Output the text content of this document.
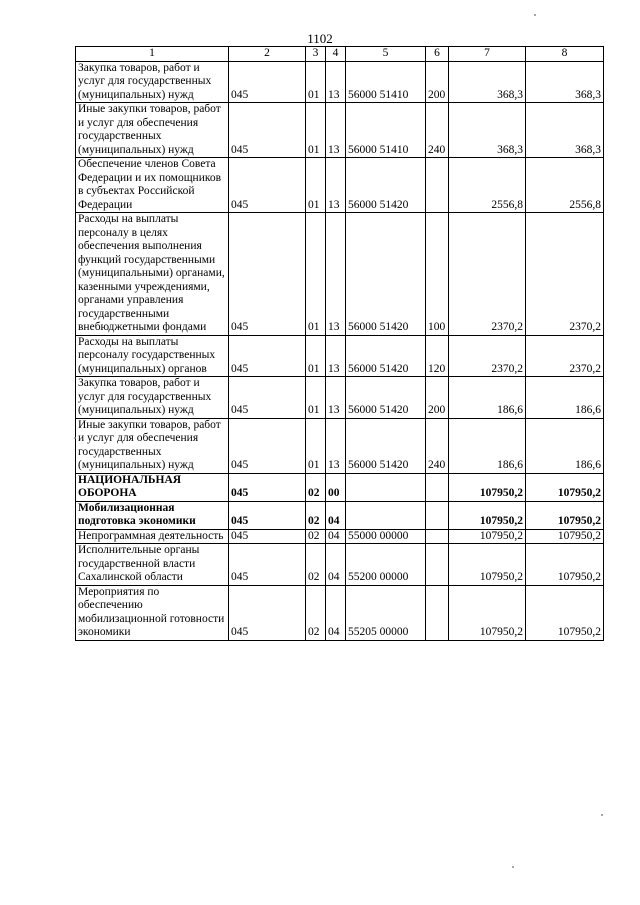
1102
1	2	3	4	5	6	7	8
Закупка товаров, работ и услуг для государственных (муниципальных) нужд	045	01	13	56000 51410	200	368,3	368,3
Иные закупки товаров, работ и услуг для обеспечения государственных (муниципальных) нужд	045	01	13	56000 51410	240	368,3	368,3
Обеспечение членов Совета Федерации и их помощников в субъектах Российской Федерации	045	01	13	56000 51420		2556,8	2556,8
Расходы на выплаты персоналу в целях обеспечения выполнения функций государственными (муниципальными) органами, казенными учреждениями, органами управления государственными внебюджетными фондами	045	01	13	56000 51420	100	2370,2	2370,2
Расходы на выплаты персоналу государственных (муниципальных) органов	045	01	13	56000 51420	120	2370,2	2370,2
Закупка товаров, работ и услуг для государственных (муниципальных) нужд	045	01	13	56000 51420	200	186,6	186,6
Иные закупки товаров, работ и услуг для обеспечения государственных (муниципальных) нужд	045	01	13	56000 51420	240	186,6	186,6
НАЦИОНАЛЬНАЯ ОБОРОНА	045	02	00			107950,2	107950,2
Мобилизационная подготовка экономики	045	02	04			107950,2	107950,2
Непрограммная деятельность	045	02	04	55000 00000		107950,2	107950,2
Исполнительные органы государственной власти Сахалинской области	045	02	04	55200 00000		107950,2	107950,2
Мероприятия по обеспечению мобилизационной готовности экономики	045	02	04	55205 00000		107950,2	107950,2
